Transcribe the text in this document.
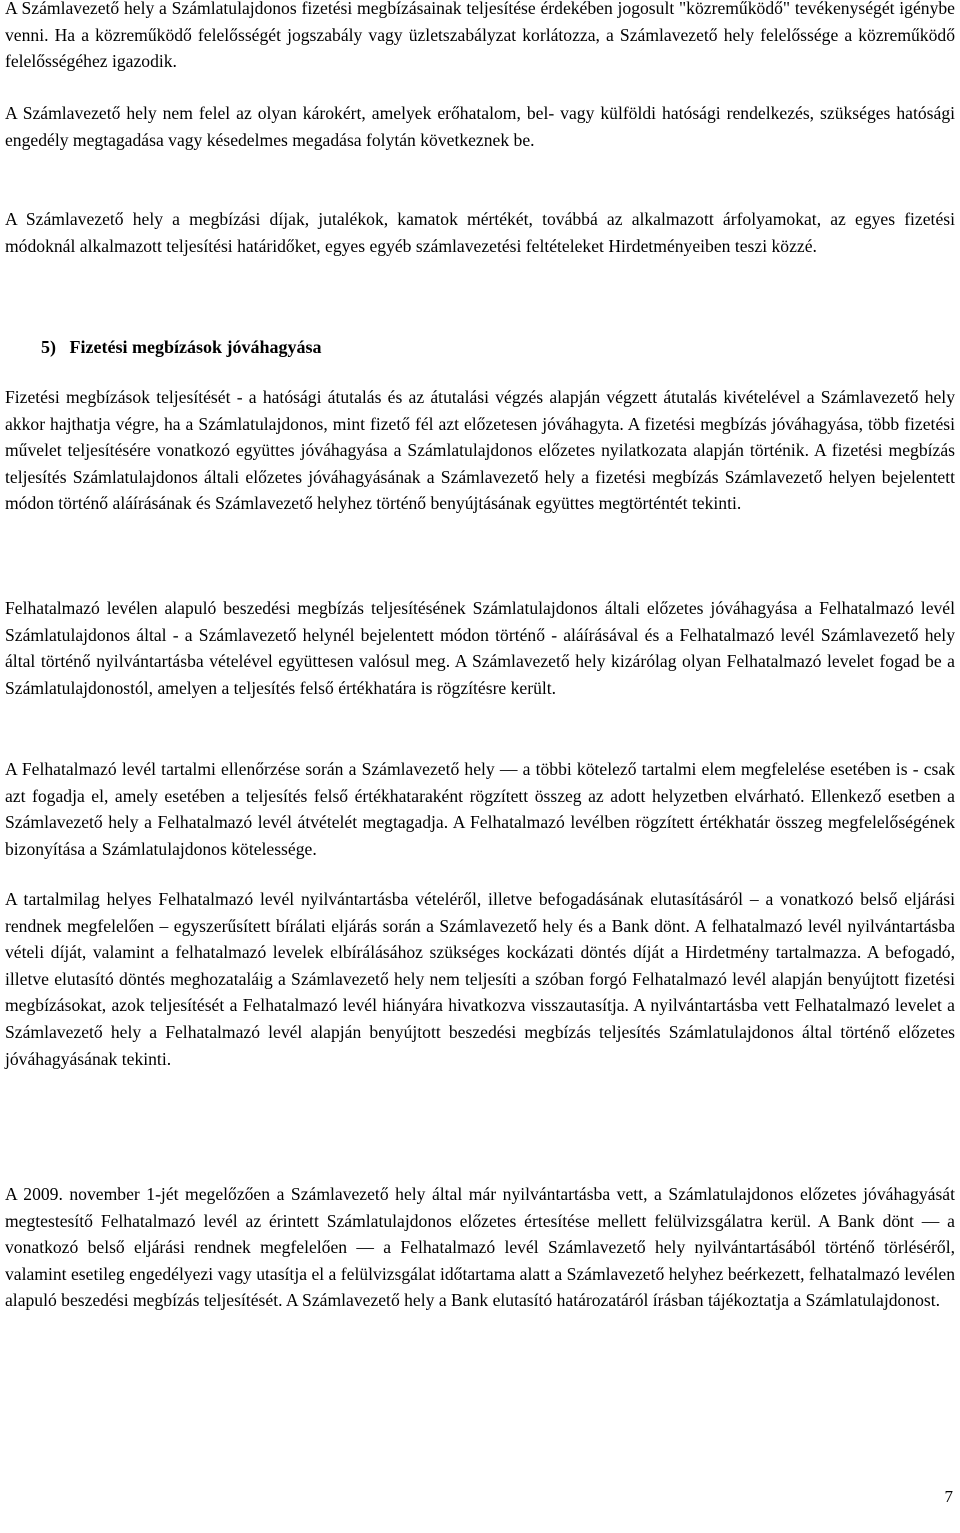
A Számlavezető hely a Számlatulajdonos fizetési megbízásainak teljesítése érdekében jogosult "közreműködő" tevékenységét igénybe venni. Ha a közreműködő felelősségét jogszabály vagy üzletszabályzat korlátozza, a Számlavezető hely felelőssége a közreműködő felelősségéhez igazodik.

A Számlavezető hely nem felel az olyan károkért, amelyek erőhatalom, bel- vagy külföldi hatósági rendelkezés, szükséges hatósági engedély megtagadása vagy késedelmes megadása folytán következnek be.

A Számlavezető hely a megbízási díjak, jutalékok, kamatok mértékét, továbbá az alkalmazott árfolyamokat, az egyes fizetési módoknál alkalmazott teljesítési határidőket, egyes egyéb számlavezetési feltételeket Hirdetményeiben teszi közzé.

5)   Fizetési megbízások jóváhagyása

Fizetési megbízások teljesítését - a hatósági átutalás és az átutalási végzés alapján végzett átutalás kivételével a Számlavezető hely akkor hajthatja végre, ha a Számlatulajdonos, mint fizető fél azt előzetesen jóváhagyta. A fizetési megbízás jóváhagyása, több fizetési művelet teljesítésére vonatkozó együttes jóváhagyása a Számlatulajdonos előzetes nyilatkozata alapján történik. A fizetési megbízás teljesítés Számlatulajdonos általi előzetes jóváhagyásának a Számlavezető hely a fizetési megbízás Számlavezető helyen bejelentett módon történő aláírásának és Számlavezető helyhez történő benyújtásának együttes megtörténtét tekinti.

Felhatalmazó levélen alapuló beszedési megbízás teljesítésének Számlatulajdonos általi előzetes jóváhagyása a Felhatalmazó levél Számlatulajdonos által - a Számlavezető helynél bejelentett módon történő - aláírásával és a Felhatalmazó levél Számlavezető hely által történő nyilvántartásba vételével együttesen valósul meg. A Számlavezető hely kizárólag olyan Felhatalmazó levelet fogad be a Számlatulajdonostól, amelyen a teljesítés felső értékhatára is rögzítésre került.

A Felhatalmazó levél tartalmi ellenőrzése során a Számlavezető hely — a többi kötelező tartalmi elem megfelelése esetében is - csak azt fogadja el, amely esetében a teljesítés felső értékhataraként rögzített összeg az adott helyzetben elvárható. Ellenkező esetben a Számlavezető hely a Felhatalmazó levél átvételét megtagadja. A Felhatalmazó levélben rögzített értékhatár összeg megfelelőségének bizonyítása a Számlatulajdonos kötelessége.

A tartalmilag helyes Felhatalmazó levél nyilvántartásba vételéről, illetve befogadásának elutasításáról – a vonatkozó belső eljárási rendnek megfelelően – egyszerűsített bírálati eljárás során a Számlavezető hely és a Bank dönt. A felhatalmazó levél nyilvántartásba vételi díját, valamint a felhatalmazó levelek elbírálásához szükséges kockázati döntés díját a Hirdetmény tartalmazza. A befogadó, illetve elutasító döntés meghozataláig a Számlavezető hely nem teljesíti a szóban forgó Felhatalmazó levél alapján benyújtott fizetési megbízásokat, azok teljesítését a Felhatalmazó levél hiányára hivatkozva visszautasítja. A nyilvántartásba vett Felhatalmazó levelet a Számlavezető hely a Felhatalmazó levél alapján benyújtott beszedési megbízás teljesítés Számlatulajdonos által történő előzetes jóváhagyásának tekinti.

A 2009. november 1-jét megelőzően a Számlavezető hely által már nyilvántartásba vett, a Számlatulajdonos előzetes jóváhagyását megtestesítő Felhatalmazó levél az érintett Számlatulajdonos előzetes értesítése mellett felülvizsgálatra kerül. A Bank dönt — a vonatkozó belső eljárási rendnek megfelelően — a Felhatalmazó levél Számlavezető hely nyilvántartásából történő törléséről, valamint esetileg engedélyezi vagy utasítja el a felülvizsgálat időtartama alatt a Számlavezető helyhez beérkezett, felhatalmazó levélen alapuló beszedési megbízás teljesítését. A Számlavezető hely a Bank elutasító határozatáról írásban tájékoztatja a Számlatulajdonost.

7
